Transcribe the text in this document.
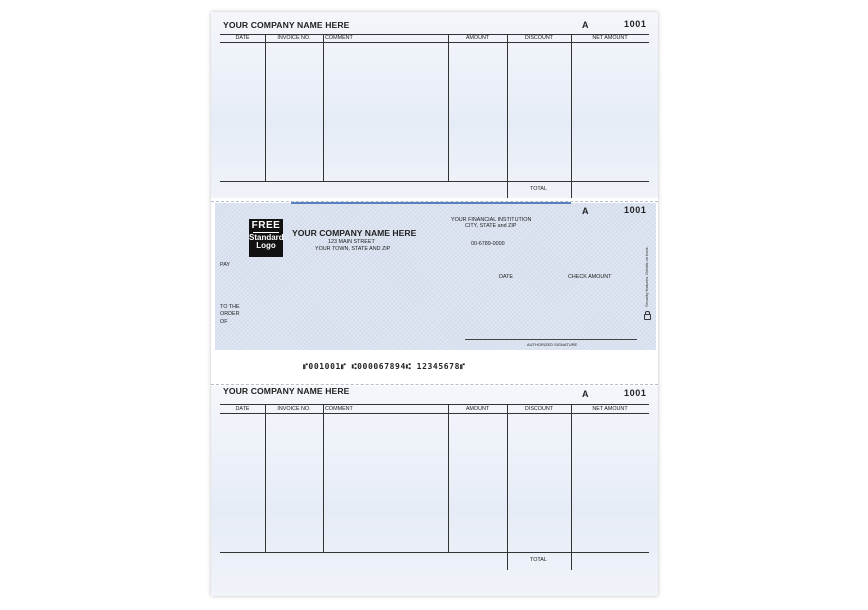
YOUR COMPANY NAME HERE	A	1001
DATE	INVOICE NO.	COMMENT	AMOUNT	DISCOUNT	NET AMOUNT
TOTAL
A	1001
FREE
Standard
Logo
YOUR COMPANY NAME HERE
123 MAIN STREET
YOUR TOWN, STATE AND ZIP
YOUR FINANCIAL INSTITUTION
CITY, STATE and ZIP
00-6789-0000
DATE	CHECK AMOUNT
PAY
TO THE
ORDER
OF
AUTHORIZED SIGNATURE
Security features. Details on back.
⑈001001⑈ ⑆000067894⑆ 12345678⑈
YOUR COMPANY NAME HERE	A	1001
DATE	INVOICE NO.	COMMENT	AMOUNT	DISCOUNT	NET AMOUNT
TOTAL
